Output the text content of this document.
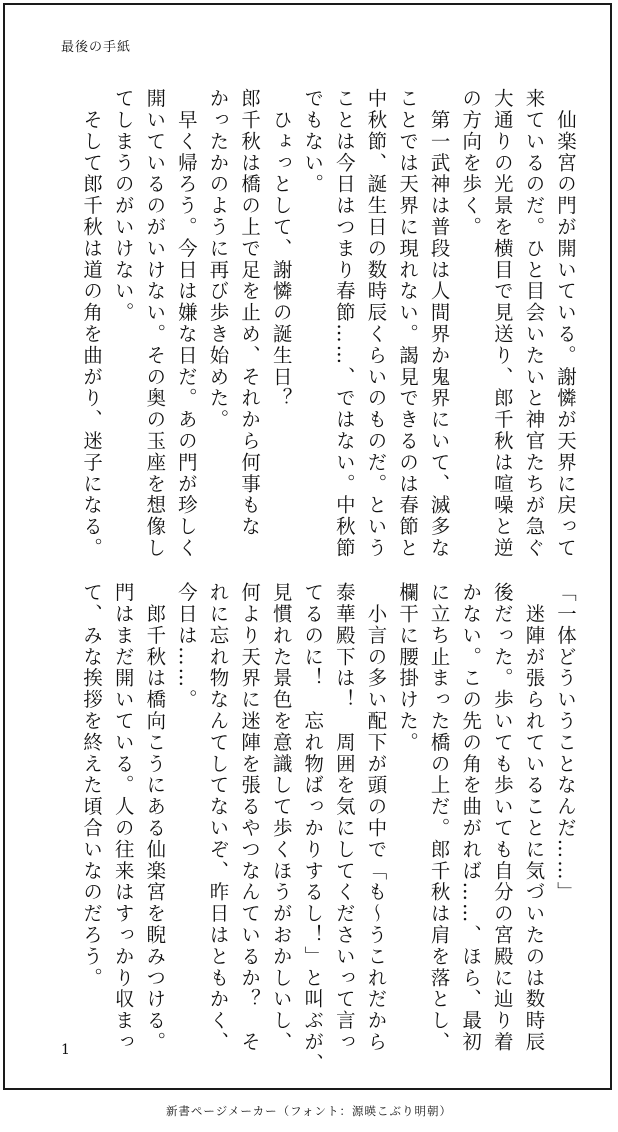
最後の手紙
　仙楽宮の門が開いている。謝憐が天界に戻って
来ているのだ。ひと目会いたいと神官たちが急ぐ
大通りの光景を横目で見送り、郎千秋は喧噪と逆
の方向を歩く。
　第一武神は普段は人間界か鬼界にいて、滅多な
ことでは天界に現れない。謁見できるのは春節と
中秋節、誕生日の数時辰くらいのものだ。という
ことは今日はつまり春節……、ではない。中秋節
でもない。
　ひょっとして、謝憐の誕生日？
郎千秋は橋の上で足を止め、それから何事もな
かったかのように再び歩き始めた。
　早く帰ろう。今日は嫌な日だ。あの門が珍しく
開いているのがいけない。その奥の玉座を想像し
てしまうのがいけない。
　そして郎千秋は道の角を曲がり、迷子になる。
「一体どういうことなんだ……」
　迷陣が張られていることに気づいたのは数時辰
後だった。歩いても歩いても自分の宮殿に辿り着
かない。この先の角を曲がれば……、ほら、最初
に立ち止まった橋の上だ。郎千秋は肩を落とし、
欄干に腰掛けた。
　小言の多い配下が頭の中で「も～うこれだから
泰華殿下は！　周囲を気にしてくださいって言っ
てるのに！　忘れ物ばっかりするし！」と叫ぶが、
見慣れた景色を意識して歩くほうがおかしいし、
何より天界に迷陣を張るやつなんているか？　そ
れに忘れ物なんてしてないぞ、昨日はともかく、
今日は……。
　郎千秋は橋向こうにある仙楽宮を睨みつける。
門はまだ開いている。人の往来はすっかり収まっ
て、みな挨拶を終えた頃合いなのだろう。
1
新書ページメーカー（フォント：源暎こぶり明朝）
